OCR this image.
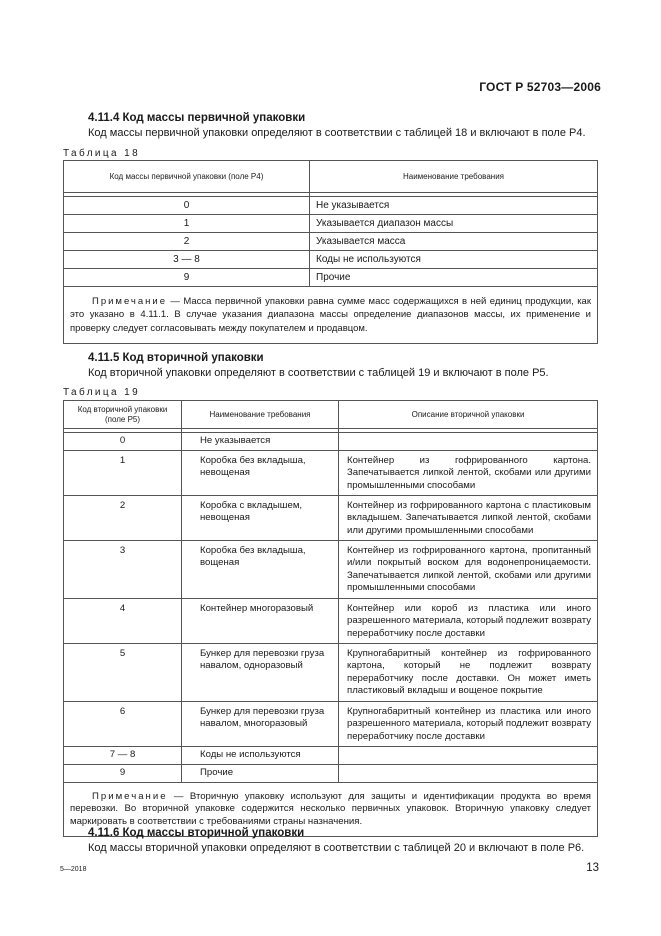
ГОСТ Р 52703—2006
4.11.4 Код массы первичной упаковки
Код массы первичной упаковки определяют в соответствии с таблицей 18 и включают в поле Р4.
Таблица 18
Код массы первичной упаковки (поле Р4)	Наименование требования

0	Не указывается
1	Указывается диапазон массы
2	Указывается масса
3 — 8	Коды не используются
9	Прочие
Примечание — Масса первичной упаковки равна сумме масс содержащихся в ней единиц продукции, как это указано в 4.11.1. В случае указания диапазона массы определение диапазонов массы, их применение и проверку следует согласовывать между покупателем и продавцом.	
4.11.5 Код вторичной упаковки
Код вторичной упаковки определяют в соответствии с таблицей 19 и включают в поле Р5.
Таблица 19
Код вторичной упаковки (поле Р5)	Наименование требования	Описание вторичной упаковки

0	Не указывается	
1	Коробка без вкладыша, невощеная	Контейнер из гофрированного картона. Запечатывается липкой лентой, скобами или другими промышленными способами
2	Коробка с вкладышем, невощеная	Контейнер из гофрированного картона с пластиковым вкладышем. Запечатывается липкой лентой, скобами или другими промышленными способами
3	Коробка без вкладыша, вощеная	Контейнер из гофрированного картона, пропитанный и/или покрытый воском для водонепроницаемости. Запечатывается липкой лентой, скобами или другими промышленными способами
4	Контейнер многоразовый	Контейнер или короб из пластика или иного разрешенного материала, который подлежит возврату переработчику после доставки
5	Бункер для перевозки груза навалом, одноразовый	Крупногабаритный контейнер из гофрированного картона, который не подлежит возврату переработчику после доставки. Он может иметь пластиковый вкладыш и вощеное покрытие
6	Бункер для перевозки груза навалом, многоразовый	Крупногабаритный контейнер из пластика или иного разрешенного материала, который подлежит возврату переработчику после доставки
7 — 8	Коды не используются	
9	Прочие	
Примечание — Вторичную упаковку используют для защиты и идентификации продукта во время перевозки. Во вторичной упаковке содержится несколько первичных упаковок. Вторичную упаковку следует маркировать в соответствии с требованиями страны назначения.		
4.11.6 Код массы вторичной упаковки
Код массы вторичной упаковки определяют в соответствии с таблицей 20 и включают в поле Р6.
5—2018	13
